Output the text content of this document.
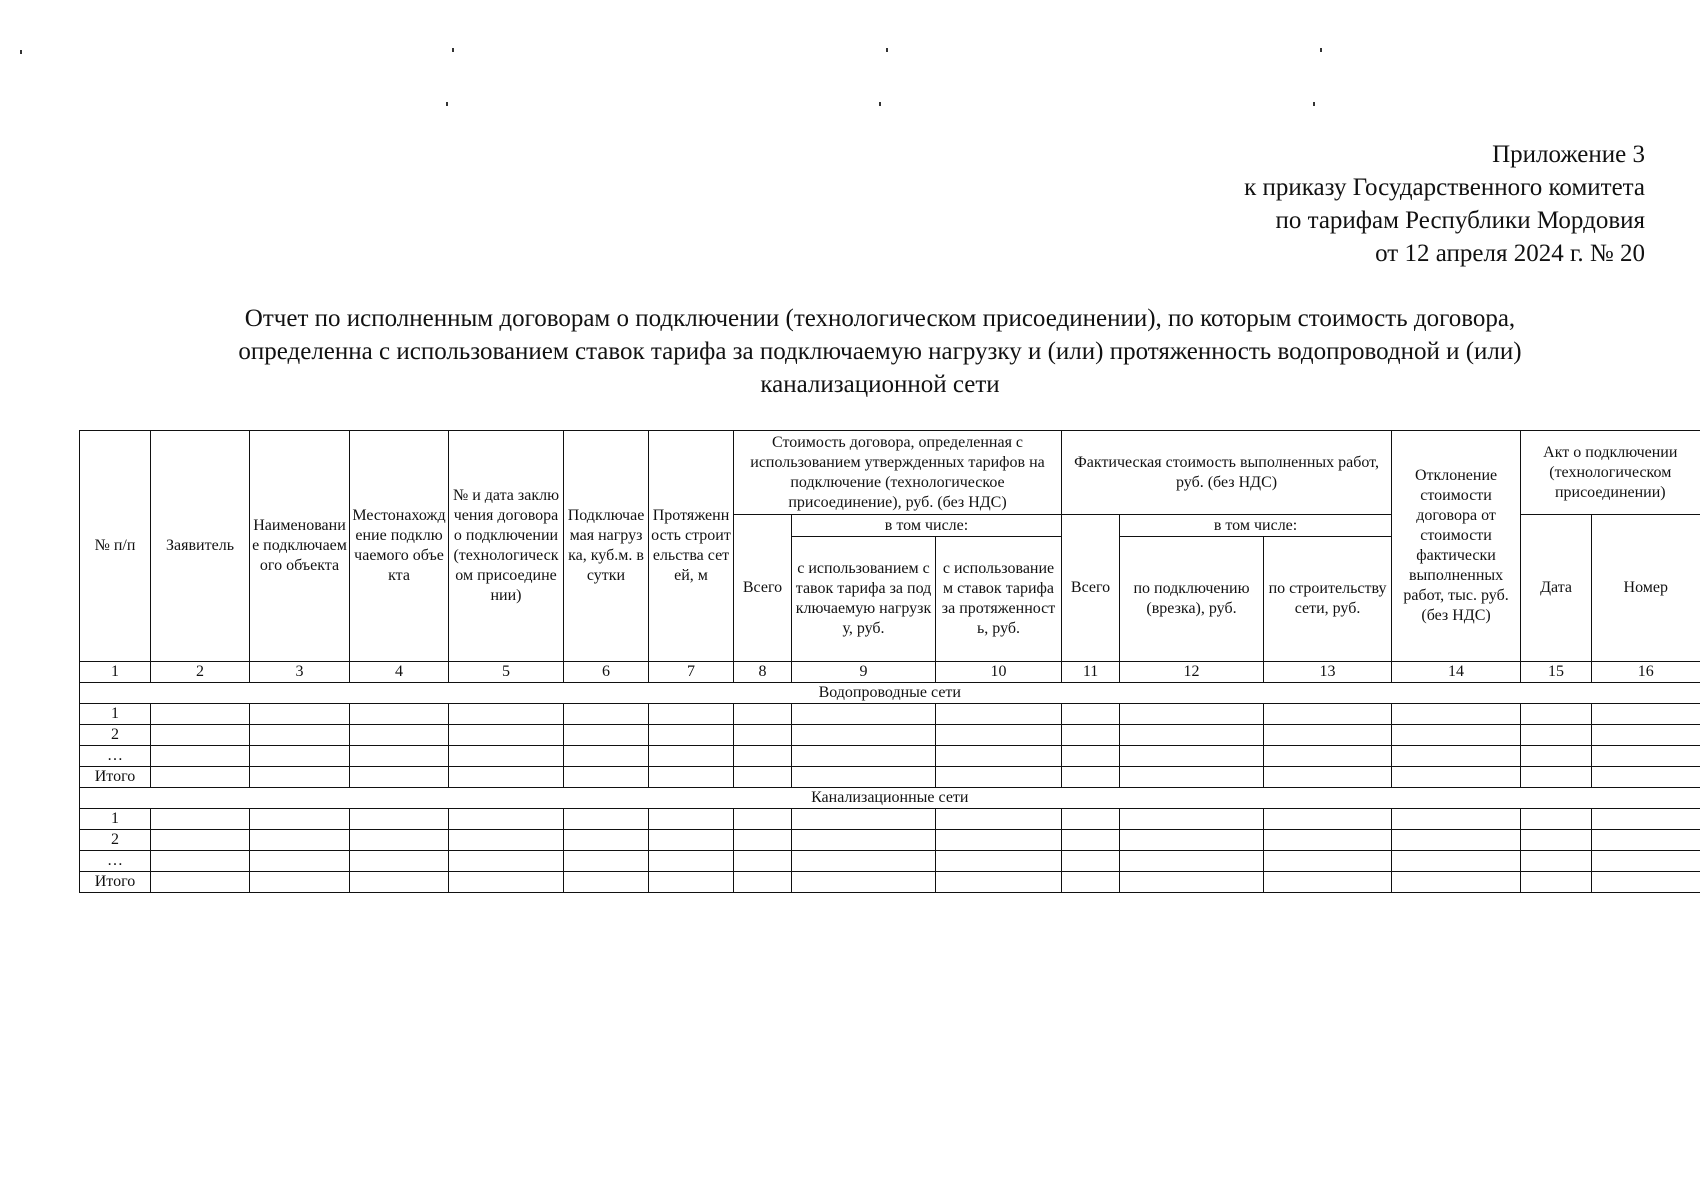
Приложение 3
к приказу Государственного комитета
по тарифам Республики Мордовия
от 12 апреля 2024 г. № 20
Отчет по исполненным договорам о подключении (технологическом присоединении), по которым стоимость договора,
определенна с использованием ставок тарифа за подключаемую нагрузку и (или) протяженность водопроводной и (или)
канализационной сети
№ п/п	Заявитель	Наименование подключаемого объекта	Местонахождение подключаемого объекта	№ и дата заключения договора о подключении (технологическом присоединении)	Подключаемая нагрузка, куб.м. в сутки	Протяженность строительства сетей, м	Стоимость договора, определенная с использованием утвержденных тарифов на подключение (технологическое присоединение), руб. (без НДС)			Фактическая стоимость выполненных работ, руб. (без НДС)			Отклонение стоимости договора от стоимости фактически выполненных работ, тыс. руб. (без НДС)	Акт о подключении (технологическом присоединении)	
							Всего	в том числе:		Всего	в том числе:			Дата	Номер
								с использованием ставок тарифа за подключаемую нагрузку, руб.	с использованием ставок тарифа за протяженность, руб.		по подключению (врезка), руб.	по строительству сети, руб.			
1	2	3	4	5	6	7	8	9	10	11	12	13	14	15	16
Водопроводные сети															
1															
2															
…															
Итого															
Канализационные сети															
1															
2															
…															
Итого															
